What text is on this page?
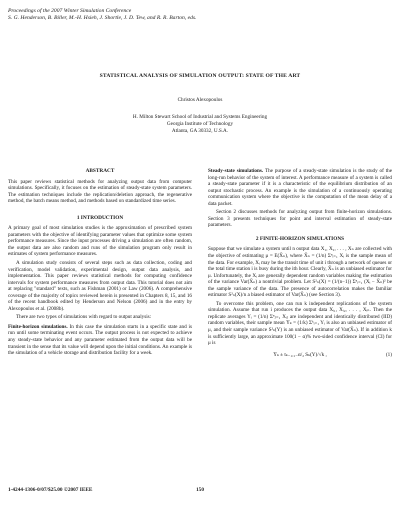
Proceedings of the 2007 Winter Simulation Conference
S. G. Henderson, B. Biller, M.-H. Hsieh, J. Shortle, J. D. Tew, and R. R. Barton, eds.
STATISTICAL ANALYSIS OF SIMULATION OUTPUT: STATE OF THE ART
Christos Alexopoulos
H. Milton Stewart School of Industrial and Systems Engineering
Georgia Institute of Technology
Atlanta, GA 30332, U.S.A.

ABSTRACT

This paper reviews statistical methods for analyzing output data from computer simulations. Specifically, it focuses on the estimation of steady-state system parameters. The estimation techniques include the replication/deletion approach, the regenerative method, the batch means method, and methods based on standardized time series.

1 INTRODUCTION

A primary goal of most simulation studies is the approximation of prescribed system parameters with the objective of identifying parameter values that optimize some system performance measures. Since the input processes driving a simulation are often random, the output data are also random and runs of the simulation program only result in estimates of system performance measures.

A simulation study consists of several steps such as data collection, coding and verification, model validation, experimental design, output data analysis, and implementation. This paper reviews statistical methods for computing confidence intervals for system performance measures from output data. This tutorial does not aim at replacing "standard" texts, such as Fishman (2001) or Law (2006). A comprehensive coverage of the majority of topics reviewed herein is presented in Chapters 8, 15, and 16 of the recent handbook edited by Henderson and Nelson (2006) and in the entry by Alexopoulos et al. (2008b).

There are two types of simulations with regard to output analysis:

Finite-horizon simulations. In this case the simulation starts in a specific state and is run until some terminating event occurs. The output process is not expected to achieve any steady-state behavior and any parameter estimated from the output data will be transient in the sense that its value will depend upon the initial conditions. An example is the simulation of a vehicle storage and distribution facility for a week.

Steady-state simulations. The purpose of a steady-state simulation is the study of the long-run behavior of the system of interest. A performance measure of a system is called a steady-state parameter if it is a characteristic of the equilibrium distribution of an output stochastic process. An example is the simulation of a continuously operating communication system where the objective is the computation of the mean delay of a data packet.

Section 2 discusses methods for analyzing output from finite-horizon simulations. Section 3 presents techniques for point and interval estimation of steady-state parameters.

2 FINITE-HORIZON SIMULATIONS

Suppose that we simulate a system until n output data X₁, X₂, . . . , Xₙ are collected with the objective of estimating μ = E(X̄ₙ), where X̄ₙ = (1/n) Σⁿᵢ₌₁ Xᵢ is the sample mean of the data. For example, Xᵢ may be the transit time of unit i through a network of queues or the total time station i is busy during the ith hour. Clearly, X̄ₙ is an unbiased estimator for μ. Unfortunately, the Xᵢ are generally dependent random variables making the estimation of the variance Var(X̄ₙ) a nontrivial problem. Let S²ₙ(X) = (1/(n−1)) Σⁿᵢ₌₁ (Xᵢ − X̄ₙ)² be the sample variance of the data. The presence of autocorrelation makes the familiar estimator S²ₙ(X)/n a biased estimator of Var(X̄ₙ) (see Section 3).

To overcome this problem, one can run k independent replications of the system simulation. Assume that run i produces the output data Xᵢ₁, Xᵢ₂, . . . , Xᵢₙ. Then the replicate averages Yᵢ = (1/n) Σⁿⱼ₌₁ Xᵢⱼ are independent and identically distributed (IID) random variables, their sample mean Ȳₖ = (1/k) Σᵏᵢ₌₁ Yᵢ is also an unbiased estimator of μ, and their sample variance S²ₖ(Y) is an unbiased estimator of Var(X̄ₙ). If in addition k is sufficiently large, an approximate 100(1 − α)% two-sided confidence interval (CI) for μ is

Ȳₖ ± tₖ₋₁,₁₋α/₂ Sₖ(Y)/√k ,	(1)
1-4244-1306-0/07/$25.00 ©2007 IEEE	150
